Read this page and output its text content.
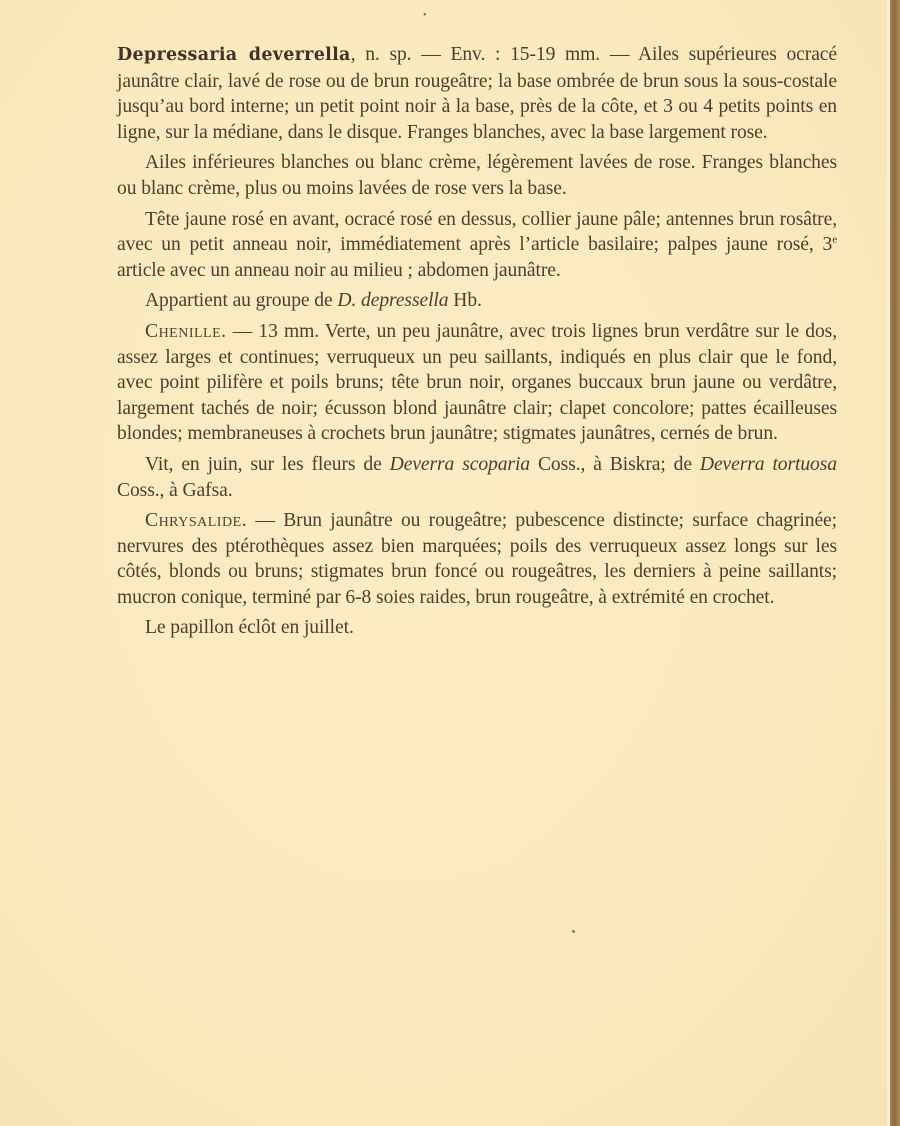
•

Depressaria deverrella, n. sp. — Env. : 15-19 mm. — Ailes supérieures ocracé jaunâtre clair, lavé de rose ou de brun rougeâtre; la base ombrée de brun sous la sous-costale jusqu’au bord interne; un petit point noir à la base, près de la côte, et 3 ou 4 petits points en ligne, sur la médiane, dans le disque. Franges blanches, avec la base largement rose.

Ailes inférieures blanches ou blanc crème, légèrement lavées de rose. Franges blanches ou blanc crème, plus ou moins lavées de rose vers la base.

Tête jaune rosé en avant, ocracé rosé en dessus, collier jaune pâle; antennes brun rosâtre, avec un petit anneau noir, immédiatement après l’article basilaire; palpes jaune rosé, 3e article avec un anneau noir au milieu ; abdomen jaunâtre.

Appartient au groupe de D. depressella Hb.

Chenille. — 13 mm. Verte, un peu jaunâtre, avec trois lignes brun verdâtre sur le dos, assez larges et continues; verruqueux un peu saillants, indiqués en plus clair que le fond, avec point pilifère et poils bruns; tête brun noir, organes buccaux brun jaune ou verdâtre, largement tachés de noir; écusson blond jaunâtre clair; clapet concolore; pattes écailleuses blondes; membraneuses à crochets brun jaunâtre; stigmates jaunâtres, cernés de brun.

Vit, en juin, sur les fleurs de Deverra scoparia Coss., à Biskra; de Deverra tortuosa Coss., à Gafsa.

Chrysalide. — Brun jaunâtre ou rougeâtre; pubescence distincte; surface chagrinée; nervures des ptérothèques assez bien marquées; poils des verruqueux assez longs sur les côtés, blonds ou bruns; stigmates brun foncé ou rougeâtres, les derniers à peine saillants; mucron conique, terminé par 6-8 soies raides, brun rougeâtre, à extrémité en crochet.

Le papillon éclôt en juillet.
